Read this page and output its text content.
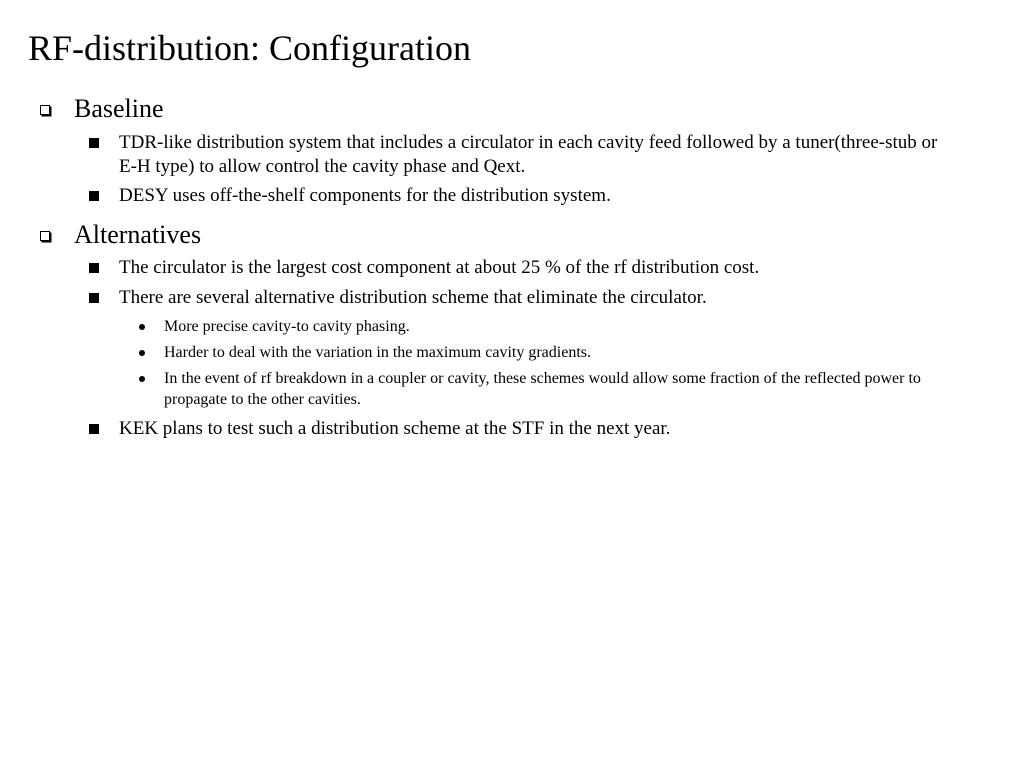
RF-distribution: Configuration
Baseline
TDR-like distribution system that includes a circulator in each cavity feed followed by a tuner(three-stub or E-H type) to allow control the cavity phase and Qext.
DESY uses off-the-shelf components for the distribution system.
Alternatives
The circulator is the largest cost component at about 25 % of the rf distribution cost.
There are several alternative distribution scheme that eliminate the circulator.
More precise cavity-to cavity phasing.
Harder to deal with the variation in the maximum cavity gradients.
In the event of rf breakdown in a coupler or cavity, these schemes would allow some fraction of the reflected power to propagate to the other cavities.
KEK plans to test such a distribution scheme at the STF in the next year.
